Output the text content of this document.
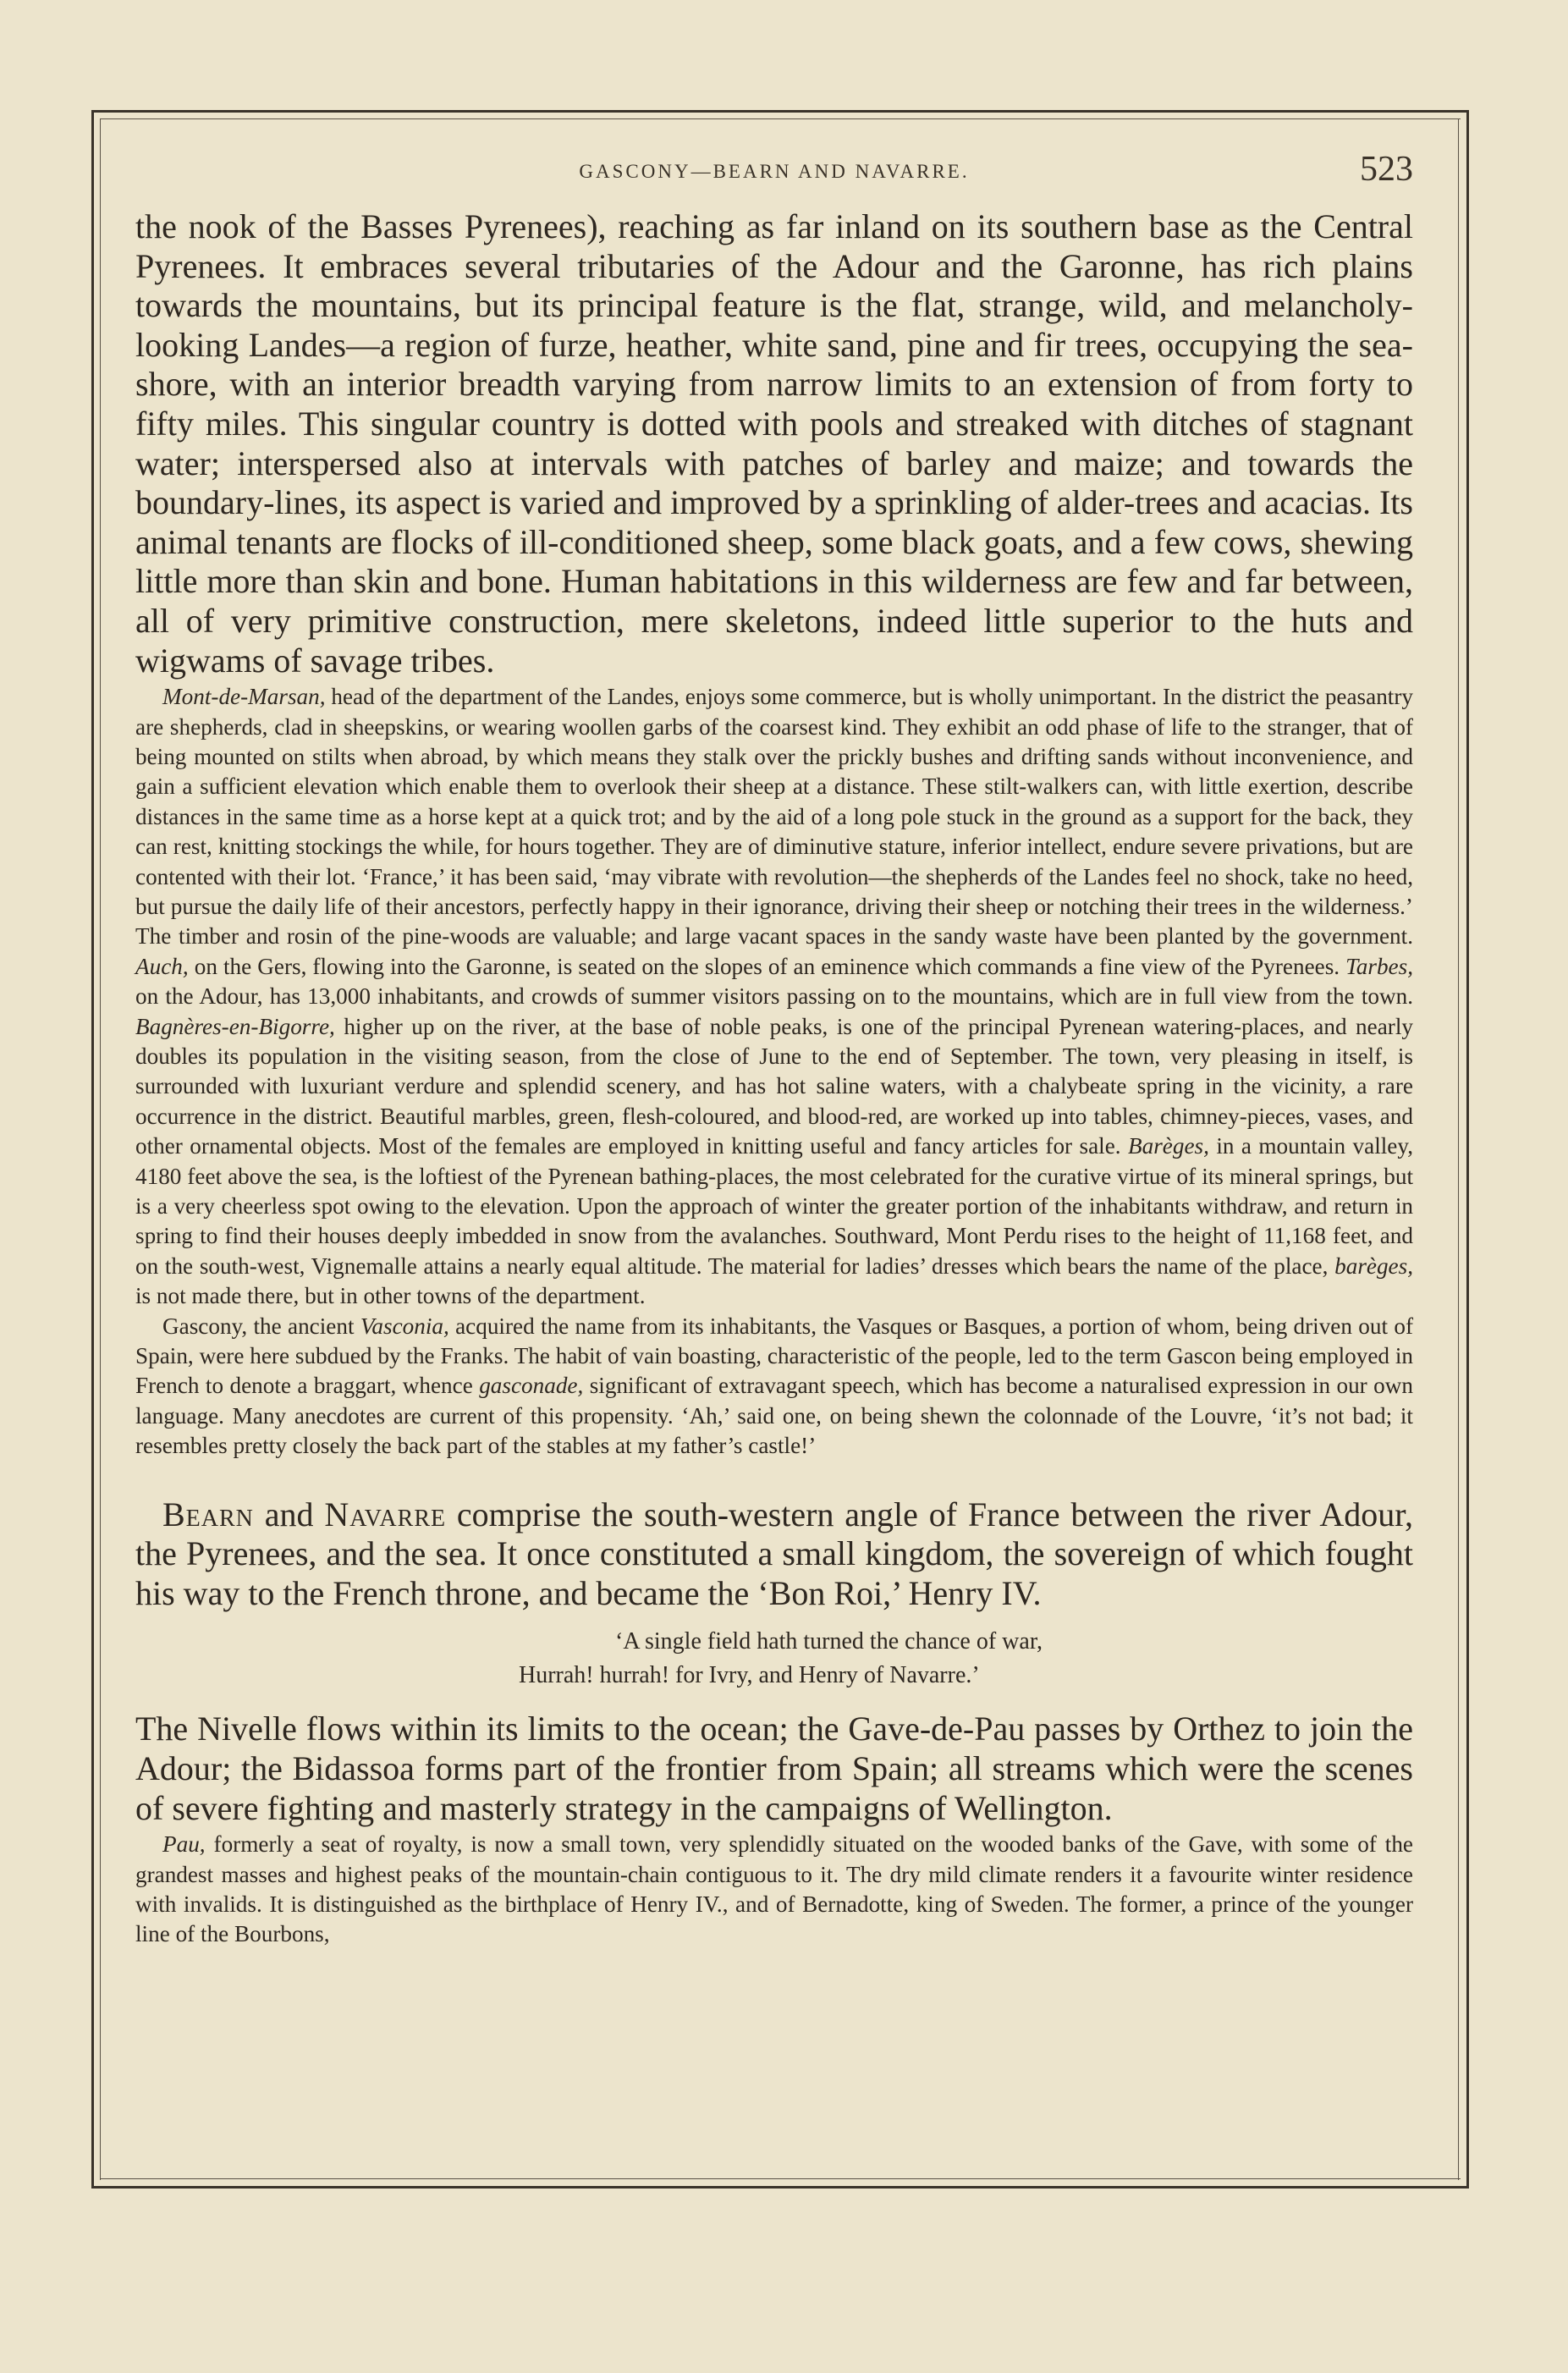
GASCONY—BEARN AND NAVARRE.	523

the nook of the Basses Pyrenees), reaching as far inland on its southern base as the Central Pyrenees. It embraces several tributaries of the Adour and the Garonne, has rich plains towards the mountains, but its principal feature is the flat, strange, wild, and melancholy-looking Landes—a region of furze, heather, white sand, pine and fir trees, occupying the sea-shore, with an interior breadth varying from narrow limits to an extension of from forty to fifty miles. This singular country is dotted with pools and streaked with ditches of stagnant water; interspersed also at intervals with patches of barley and maize; and towards the boundary-lines, its aspect is varied and improved by a sprinkling of alder-trees and acacias. Its animal tenants are flocks of ill-conditioned sheep, some black goats, and a few cows, shewing little more than skin and bone. Human habitations in this wilderness are few and far between, all of very primitive construction, mere skeletons, indeed little superior to the huts and wigwams of savage tribes.

Mont-de-Marsan, head of the department of the Landes, enjoys some commerce, but is wholly unimportant. In the district the peasantry are shepherds, clad in sheepskins, or wearing woollen garbs of the coarsest kind. They exhibit an odd phase of life to the stranger, that of being mounted on stilts when abroad, by which means they stalk over the prickly bushes and drifting sands without inconvenience, and gain a sufficient elevation which enable them to overlook their sheep at a distance. These stilt-walkers can, with little exertion, describe distances in the same time as a horse kept at a quick trot; and by the aid of a long pole stuck in the ground as a support for the back, they can rest, knitting stockings the while, for hours together. They are of diminutive stature, inferior intellect, endure severe privations, but are contented with their lot. ‘France,’ it has been said, ‘may vibrate with revolution—the shepherds of the Landes feel no shock, take no heed, but pursue the daily life of their ancestors, perfectly happy in their ignorance, driving their sheep or notching their trees in the wilderness.’ The timber and rosin of the pine-woods are valuable; and large vacant spaces in the sandy waste have been planted by the government. Auch, on the Gers, flowing into the Garonne, is seated on the slopes of an eminence which commands a fine view of the Pyrenees. Tarbes, on the Adour, has 13,000 inhabitants, and crowds of summer visitors passing on to the mountains, which are in full view from the town. Bagnères-en-Bigorre, higher up on the river, at the base of noble peaks, is one of the principal Pyrenean watering-places, and nearly doubles its population in the visiting season, from the close of June to the end of September. The town, very pleasing in itself, is surrounded with luxuriant verdure and splendid scenery, and has hot saline waters, with a chalybeate spring in the vicinity, a rare occurrence in the district. Beautiful marbles, green, flesh-coloured, and blood-red, are worked up into tables, chimney-pieces, vases, and other ornamental objects. Most of the females are employed in knitting useful and fancy articles for sale. Barèges, in a mountain valley, 4180 feet above the sea, is the loftiest of the Pyrenean bathing-places, the most celebrated for the curative virtue of its mineral springs, but is a very cheerless spot owing to the elevation. Upon the approach of winter the greater portion of the inhabitants withdraw, and return in spring to find their houses deeply imbedded in snow from the avalanches. Southward, Mont Perdu rises to the height of 11,168 feet, and on the south-west, Vignemalle attains a nearly equal altitude. The material for ladies’ dresses which bears the name of the place, barèges, is not made there, but in other towns of the department.

Gascony, the ancient Vasconia, acquired the name from its inhabitants, the Vasques or Basques, a portion of whom, being driven out of Spain, were here subdued by the Franks. The habit of vain boasting, characteristic of the people, led to the term Gascon being employed in French to denote a braggart, whence gasconade, significant of extravagant speech, which has become a naturalised expression in our own language. Many anecdotes are current of this propensity. ‘Ah,’ said one, on being shewn the colonnade of the Louvre, ‘it’s not bad; it resembles pretty closely the back part of the stables at my father’s castle!’

Bearn and Navarre comprise the south-western angle of France between the river Adour, the Pyrenees, and the sea. It once constituted a small kingdom, the sovereign of which fought his way to the French throne, and became the ‘Bon Roi,’ Henry IV.

‘A single field hath turned the chance of war,
Hurrah! hurrah! for Ivry, and Henry of Navarre.’

The Nivelle flows within its limits to the ocean; the Gave-de-Pau passes by Orthez to join the Adour; the Bidassoa forms part of the frontier from Spain; all streams which were the scenes of severe fighting and masterly strategy in the campaigns of Wellington.

Pau, formerly a seat of royalty, is now a small town, very splendidly situated on the wooded banks of the Gave, with some of the grandest masses and highest peaks of the mountain-chain contiguous to it. The dry mild climate renders it a favourite winter residence with invalids. It is distinguished as the birthplace of Henry IV., and of Bernadotte, king of Sweden. The former, a prince of the younger line of the Bourbons,
